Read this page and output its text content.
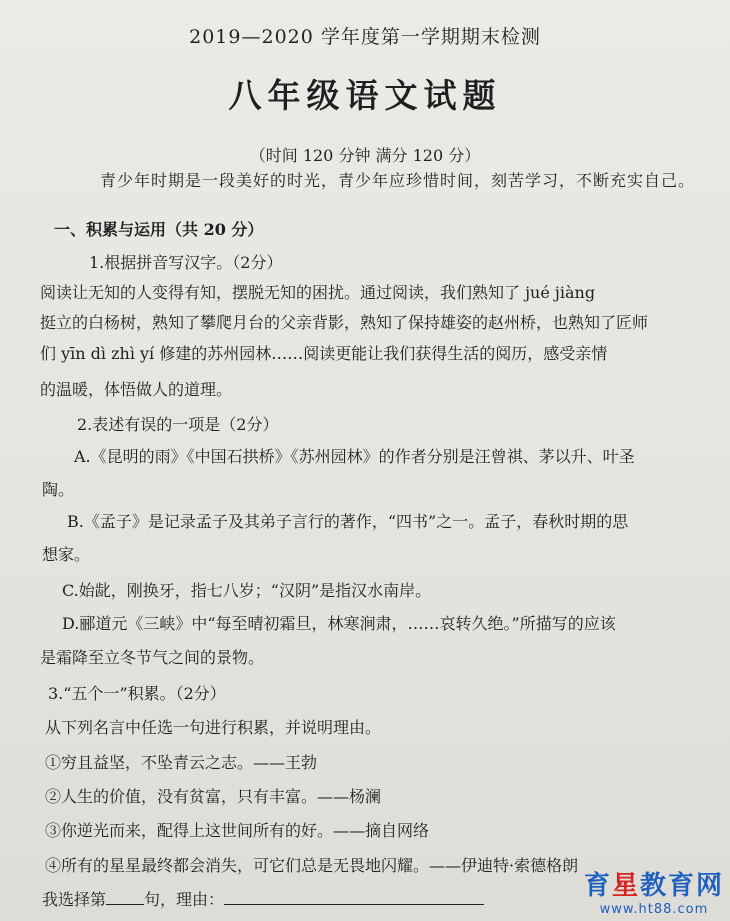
2019—2020 学年度第一学期期末检测
八年级语文试题
（时间 120 分钟 满分 120 分）
青少年时期是一段美好的时光，青少年应珍惜时间，刻苦学习，不断充实自己。
一、积累与运用（共 20 分）
1.根据拼音写汉字。（2分）
阅读让无知的人变得有知，摆脱无知的困扰。通过阅读，我们熟知了 jué jiàng
挺立的白杨树，熟知了攀爬月台的父亲背影，熟知了保持雄姿的赵州桥，也熟知了匠师
们 yīn dì zhì yí 修建的苏州园林……阅读更能让我们获得生活的阅历，感受亲情
的温暖，体悟做人的道理。
2.表述有误的一项是（2分）
A.《昆明的雨》《中国石拱桥》《苏州园林》的作者分别是汪曾祺、茅以升、叶圣
陶。
B.《孟子》是记录孟子及其弟子言行的著作，“四书”之一。孟子，春秋时期的思
想家。
C.始龀，刚换牙，指七八岁；“汉阴”是指汉水南岸。
D.郦道元《三峡》中“每至晴初霜旦，林寒涧肃，……哀转久绝。”所描写的应该
是霜降至立冬节气之间的景物。
3.“五个一”积累。（2分）
从下列名言中任选一句进行积累，并说明理由。
①穷且益坚，不坠青云之志。——王勃
②人生的价值，没有贫富，只有丰富。——杨澜
③你逆光而来，配得上这世间所有的好。——摘自网络
④所有的星星最终都会消失，可它们总是无畏地闪耀。——伊迪特·索德格朗
我选择第 句，理由：	育星教育网
www.ht88.com
